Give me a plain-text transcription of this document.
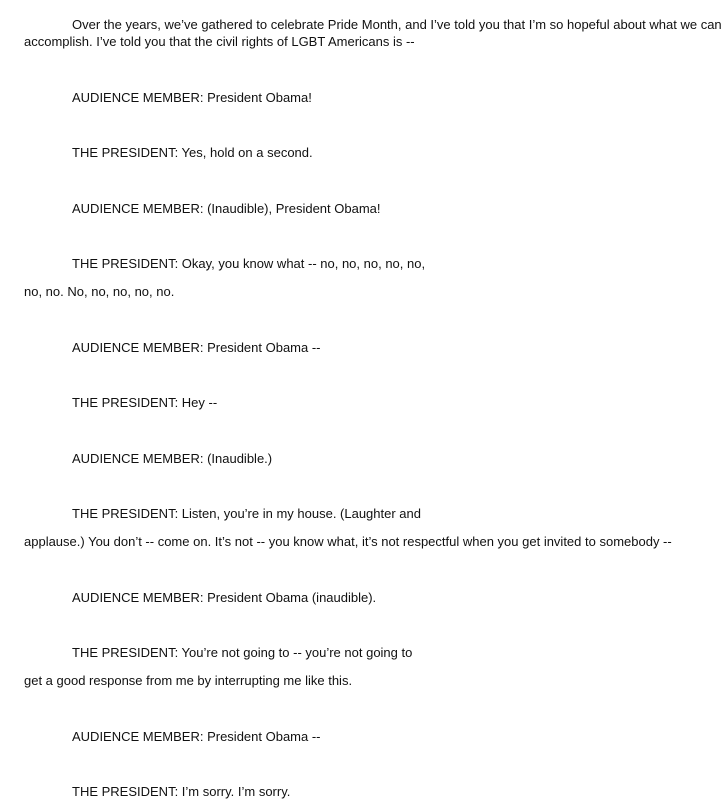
Over the years, we’ve gathered to celebrate Pride Month, and I’ve told you that I’m so hopeful about what we can
accomplish. I’ve told you that the civil rights of LGBT Americans is --
AUDIENCE MEMBER: President Obama!
THE PRESIDENT: Yes, hold on a second.
AUDIENCE MEMBER: (Inaudible), President Obama!
THE PRESIDENT: Okay, you know what -- no, no, no, no, no,
no, no. No, no, no, no, no.
AUDIENCE MEMBER: President Obama --
THE PRESIDENT: Hey --
AUDIENCE MEMBER: (Inaudible.)
THE PRESIDENT: Listen, you’re in my house. (Laughter and
applause.) You don’t -- come on. It’s not -- you know what, it’s not respectful when you get invited to somebody --
AUDIENCE MEMBER: President Obama (inaudible).
THE PRESIDENT: You’re not going to -- you’re not going to
get a good response from me by interrupting me like this.
AUDIENCE MEMBER: President Obama --
THE PRESIDENT: I’m sorry. I’m sorry.
